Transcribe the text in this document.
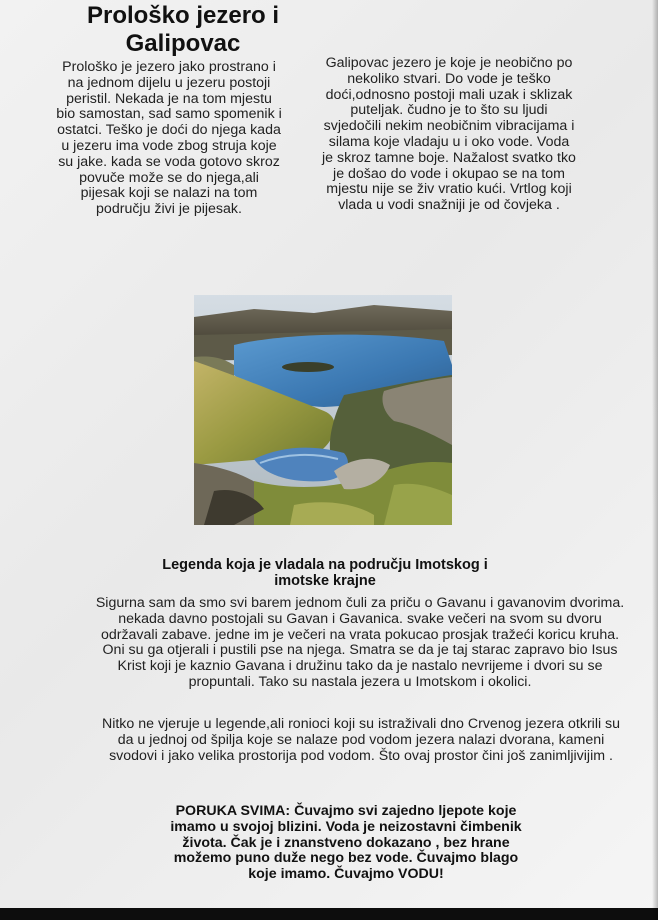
Prološko jezero i Galipovac

Prološko je jezero jako prostrano i na jednom dijelu u jezeru postoji peristil. Nekada je na tom mjestu bio samostan, sad samo spomenik i ostatci. Teško je doći do njega kada u jezeru ima vode zbog struja koje su jake. kada se voda gotovo skroz povuče može se do njega,ali pijesak koji se nalazi na tom području živi je pijesak.

Galipovac jezero je koje je neobično po nekoliko stvari. Do vode je teško doći,odnosno postoji mali uzak i sklizak puteljak. čudno je to što su ljudi svjedočili nekim neobičnim vibracijama i silama koje vladaju u i oko vode. Voda je skroz tamne boje. Nažalost svatko tko je došao do vode i okupao se na tom mjestu nije se živ vratio kući. Vrtlog koji vlada u vodi snažniji je od čovjeka .

Legenda koja je vladala na području Imotskog i imotske krajne

Sigurna sam da smo svi barem jednom čuli za priču o Gavanu i gavanovim dvorima. nekada davno postojali su Gavan i Gavanica. svake večeri na svom su dvoru održavali zabave. jedne im je večeri na vrata pokucao prosjak tražeći koricu kruha. Oni su ga otjerali i pustili pse na njega. Smatra se da je taj starac zapravo bio Isus Krist koji je kaznio Gavana i družinu tako da je nastalo nevrijeme i dvori su se propuntali. Tako su nastala jezera u Imotskom i okolici.

Nitko ne vjeruje u legende,ali ronioci koji su istraživali dno Crvenog jezera otkrili su da u jednoj od špilja koje se nalaze pod vodom jezera nalazi dvorana, kameni svodovi i jako velika prostorija pod vodom. Što ovaj prostor čini još zanimljivijim .

PORUKA SVIMA: Čuvajmo svi zajedno ljepote koje imamo u svojoj blizini. Voda je neizostavni čimbenik života. Čak je i znanstveno dokazano , bez hrane možemo puno duže nego bez vode. Čuvajmo blago koje imamo. Čuvajmo VODU!
